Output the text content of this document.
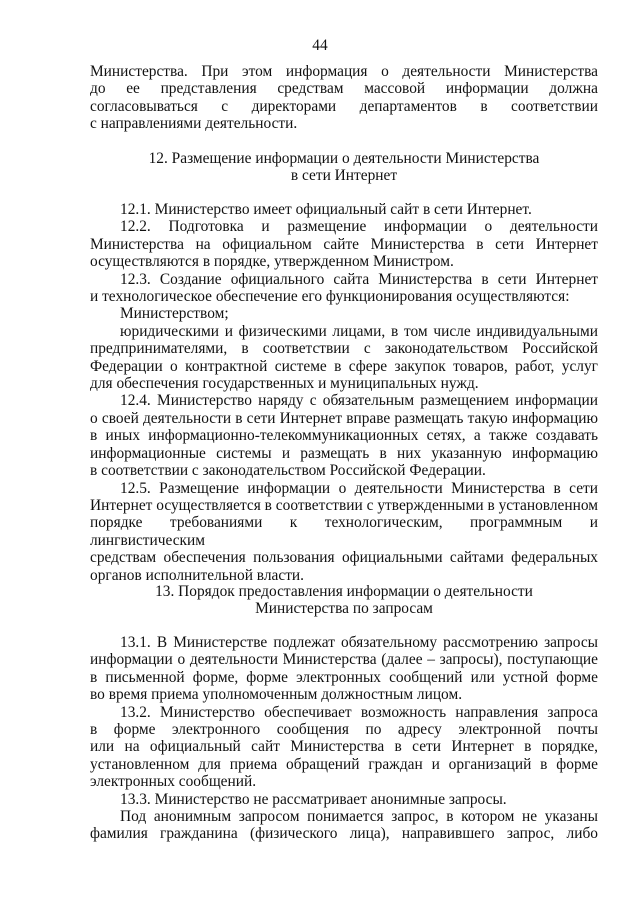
44

Министерства. При этом информация о деятельности Министерства

до ее представления средствам массовой информации должна

согласовываться с директорами департаментов в соответствии

с направлениями деятельности.

12. Размещение информации о деятельности Министерства

в сети Интернет

12.1. Министерство имеет официальный сайт в сети Интернет.

12.2. Подготовка и размещение информации о деятельности

Министерства на официальном сайте Министерства в сети Интернет

осуществляются в порядке, утвержденном Министром.

12.3. Создание официального сайта Министерства в сети Интернет

и технологическое обеспечение его функционирования осуществляются:

Министерством;

юридическими и физическими лицами, в том числе индивидуальными

предпринимателями, в соответствии с законодательством Российской

Федерации о контрактной системе в сфере закупок товаров, работ, услуг

для обеспечения государственных и муниципальных нужд.

12.4. Министерство наряду с обязательным размещением информации

о своей деятельности в сети Интернет вправе размещать такую информацию

в иных информационно-телекоммуникационных сетях, а также создавать

информационные системы и размещать в них указанную информацию

в соответствии с законодательством Российской Федерации.

12.5. Размещение информации о деятельности Министерства в сети

Интернет осуществляется в соответствии с утвержденными в установленном

порядке требованиями к технологическим, программным и лингвистическим

средствам обеспечения пользования официальными сайтами федеральных

органов исполнительной власти.

13. Порядок предоставления информации о деятельности

Министерства по запросам

13.1. В Министерстве подлежат обязательному рассмотрению запросы

информации о деятельности Министерства (далее – запросы), поступающие

в письменной форме, форме электронных сообщений или устной форме

во время приема уполномоченным должностным лицом.

13.2. Министерство обеспечивает возможность направления запроса

в форме электронного сообщения по адресу электронной почты

или на официальный сайт Министерства в сети Интернет в порядке,

установленном для приема обращений граждан и организаций в форме

электронных сообщений.

13.3. Министерство не рассматривает анонимные запросы.

Под анонимным запросом понимается запрос, в котором не указаны

фамилия гражданина (физического лица), направившего запрос, либо
